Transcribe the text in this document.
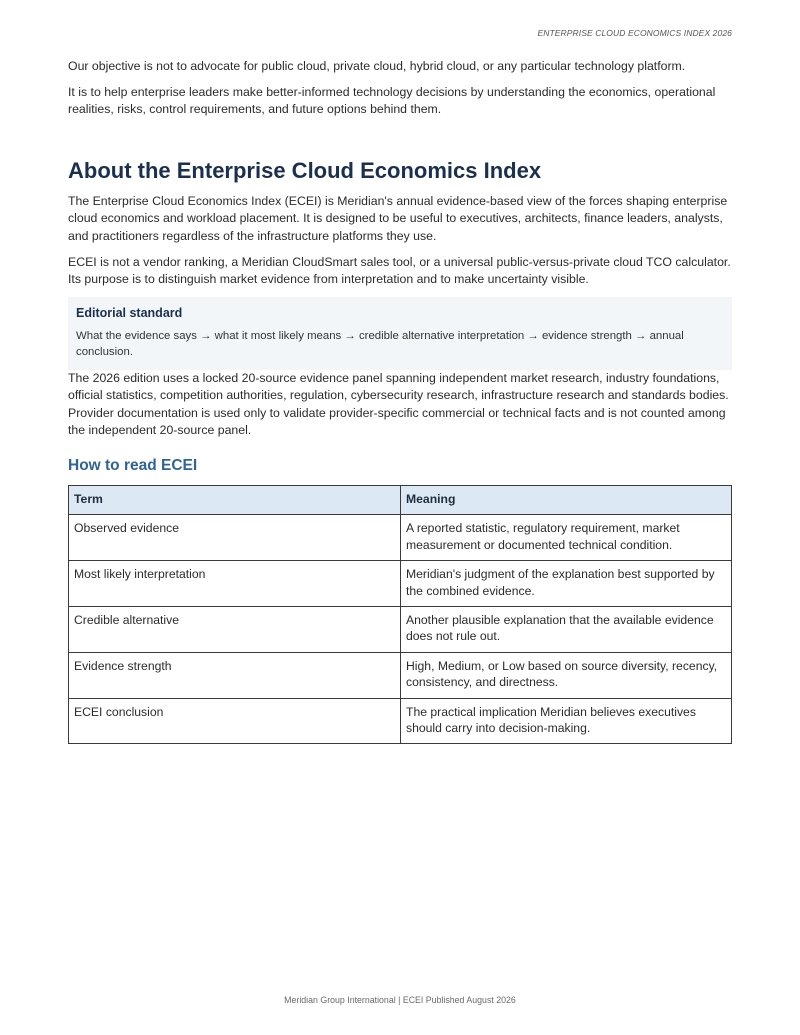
ENTERPRISE CLOUD ECONOMICS INDEX 2026

Our objective is not to advocate for public cloud, private cloud, hybrid cloud, or any particular technology platform.

It is to help enterprise leaders make better-informed technology decisions by understanding the economics, operational realities, risks, control requirements, and future options behind them.

About the Enterprise Cloud Economics Index

The Enterprise Cloud Economics Index (ECEI) is Meridian's annual evidence-based view of the forces shaping enterprise cloud economics and workload placement. It is designed to be useful to executives, architects, finance leaders, analysts, and practitioners regardless of the infrastructure platforms they use.

ECEI is not a vendor ranking, a Meridian CloudSmart sales tool, or a universal public-versus-private cloud TCO calculator. Its purpose is to distinguish market evidence from interpretation and to make uncertainty visible.

Editorial standard

What the evidence says → what it most likely means → credible alternative interpretation → evidence strength → annual conclusion.

The 2026 edition uses a locked 20-source evidence panel spanning independent market research, industry foundations, official statistics, competition authorities, regulation, cybersecurity research, infrastructure research and standards bodies. Provider documentation is used only to validate provider-specific commercial or technical facts and is not counted among the independent 20-source panel.

How to read ECEI
Term	Meaning
Observed evidence	A reported statistic, regulatory requirement, market measurement or documented technical condition.
Most likely interpretation	Meridian's judgment of the explanation best supported by the combined evidence.
Credible alternative	Another plausible explanation that the available evidence does not rule out.
Evidence strength	High, Medium, or Low based on source diversity, recency, consistency, and directness.
ECEI conclusion	The practical implication Meridian believes executives should carry into decision-making.
Meridian Group International | ECEI Published August 2026
